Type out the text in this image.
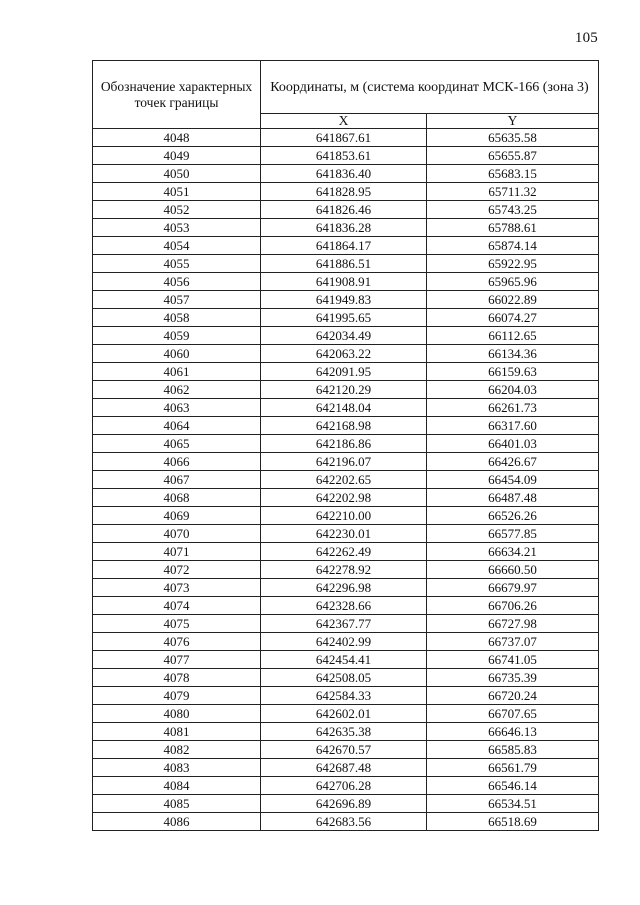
105
Обозначение характерных точек границы	Координаты, м (система координат МСК-166 (зона 3)	
	X	Y
4048	641867.61	65635.58
4049	641853.61	65655.87
4050	641836.40	65683.15
4051	641828.95	65711.32
4052	641826.46	65743.25
4053	641836.28	65788.61
4054	641864.17	65874.14
4055	641886.51	65922.95
4056	641908.91	65965.96
4057	641949.83	66022.89
4058	641995.65	66074.27
4059	642034.49	66112.65
4060	642063.22	66134.36
4061	642091.95	66159.63
4062	642120.29	66204.03
4063	642148.04	66261.73
4064	642168.98	66317.60
4065	642186.86	66401.03
4066	642196.07	66426.67
4067	642202.65	66454.09
4068	642202.98	66487.48
4069	642210.00	66526.26
4070	642230.01	66577.85
4071	642262.49	66634.21
4072	642278.92	66660.50
4073	642296.98	66679.97
4074	642328.66	66706.26
4075	642367.77	66727.98
4076	642402.99	66737.07
4077	642454.41	66741.05
4078	642508.05	66735.39
4079	642584.33	66720.24
4080	642602.01	66707.65
4081	642635.38	66646.13
4082	642670.57	66585.83
4083	642687.48	66561.79
4084	642706.28	66546.14
4085	642696.89	66534.51
4086	642683.56	66518.69
